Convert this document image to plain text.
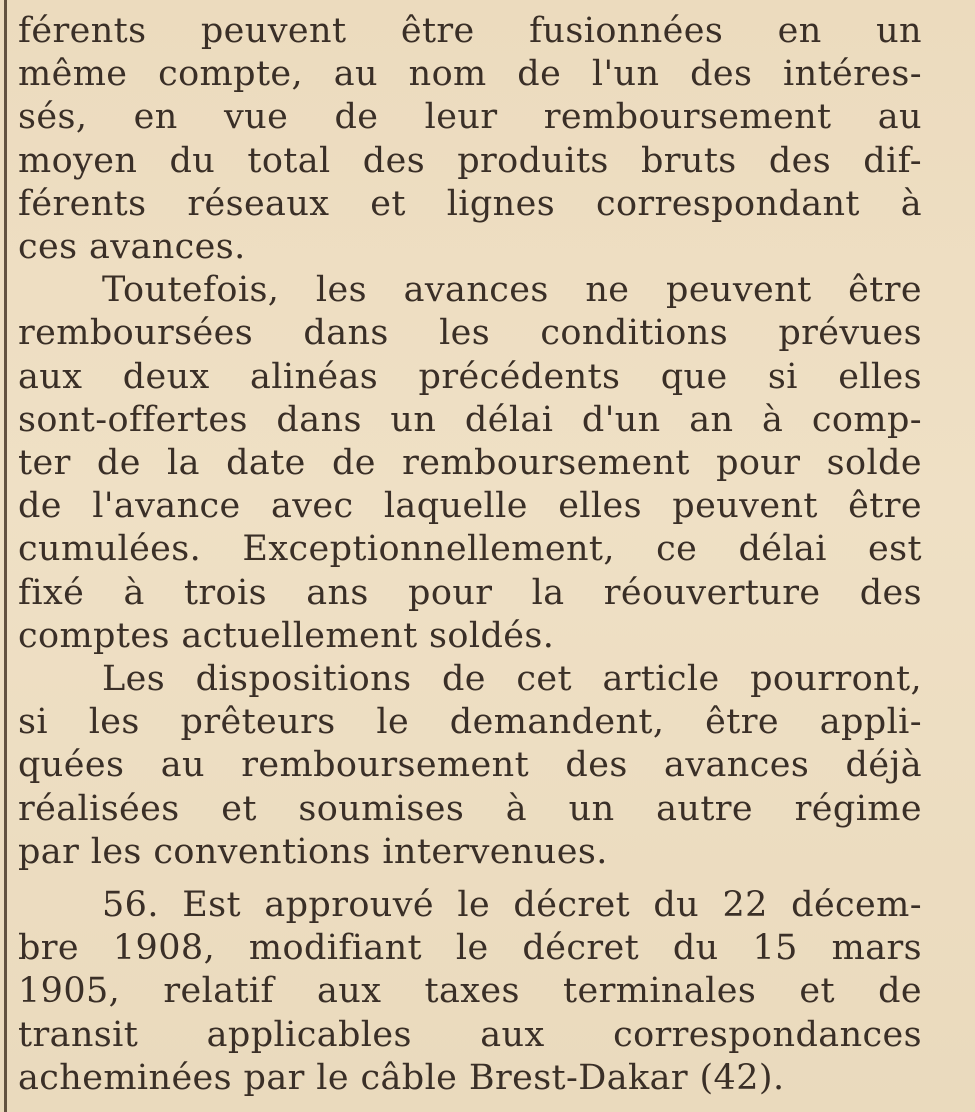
férents peuvent être fusionnées en un
même compte, au nom de l'un des intéres-
sés, en vue de leur remboursement au
moyen du total des produits bruts des dif-
férents réseaux et lignes correspondant à
ces avances.
Toutefois, les avances ne peuvent être
remboursées dans les conditions prévues
aux deux alinéas précédents que si elles
sont-offertes dans un délai d'un an à comp-
ter de la date de remboursement pour solde
de l'avance avec laquelle elles peuvent être
cumulées. Exceptionnellement, ce délai est
fixé à trois ans pour la réouverture des
comptes actuellement soldés.
Les dispositions de cet article pourront,
si les prêteurs le demandent, être appli-
quées au remboursement des avances déjà
réalisées et soumises à un autre régime
par les conventions intervenues.
56. Est approuvé le décret du 22 décem-
bre 1908, modifiant le décret du 15 mars
1905, relatif aux taxes terminales et de
transit applicables aux correspondances
acheminées par le câble Brest-Dakar (42).
